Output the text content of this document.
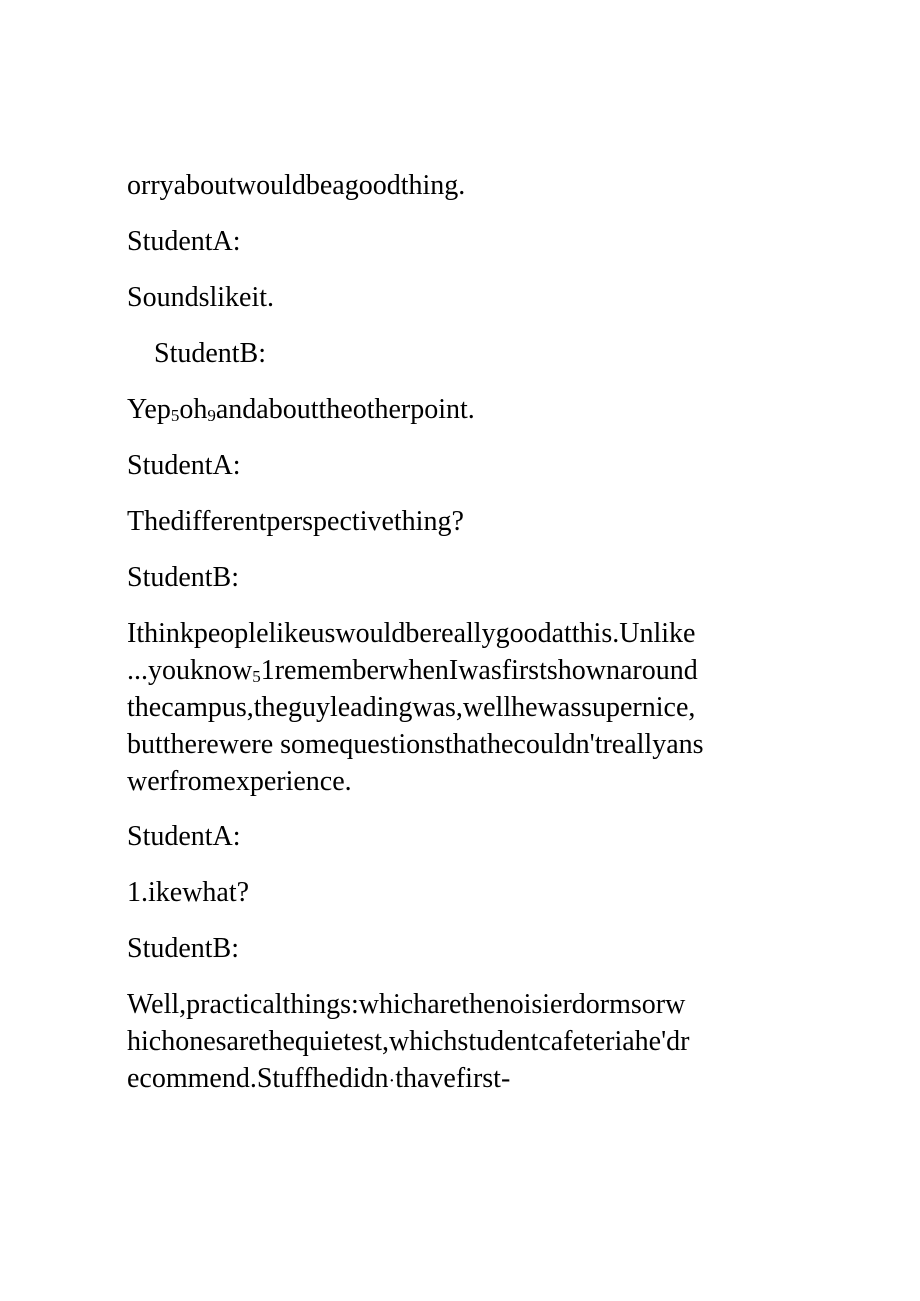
orryaboutwouldbeagoodthing.

StudentA:

Soundslikeit.

StudentB:

Yep5oh9andabouttheotherpoint.

StudentA:

Thedifferentperspectivething?

StudentB:

Ithinkpeoplelikeuswouldbereallygoodatthis.Unlike
...youknow51rememberwhenIwasfirstshownaround
thecampus,theguyleadingwas,wellhewassupernice,
buttherewere somequestionsthathecouldn'treallyans
werfromexperience.

StudentA:

1.ikewhat?

StudentB:

Well,practicalthings:whicharethenoisierdormsorw
hichonesarethequietest,whichstudentcafeteriahe'dr
ecommend.Stuffhedidn·thavefirst-
